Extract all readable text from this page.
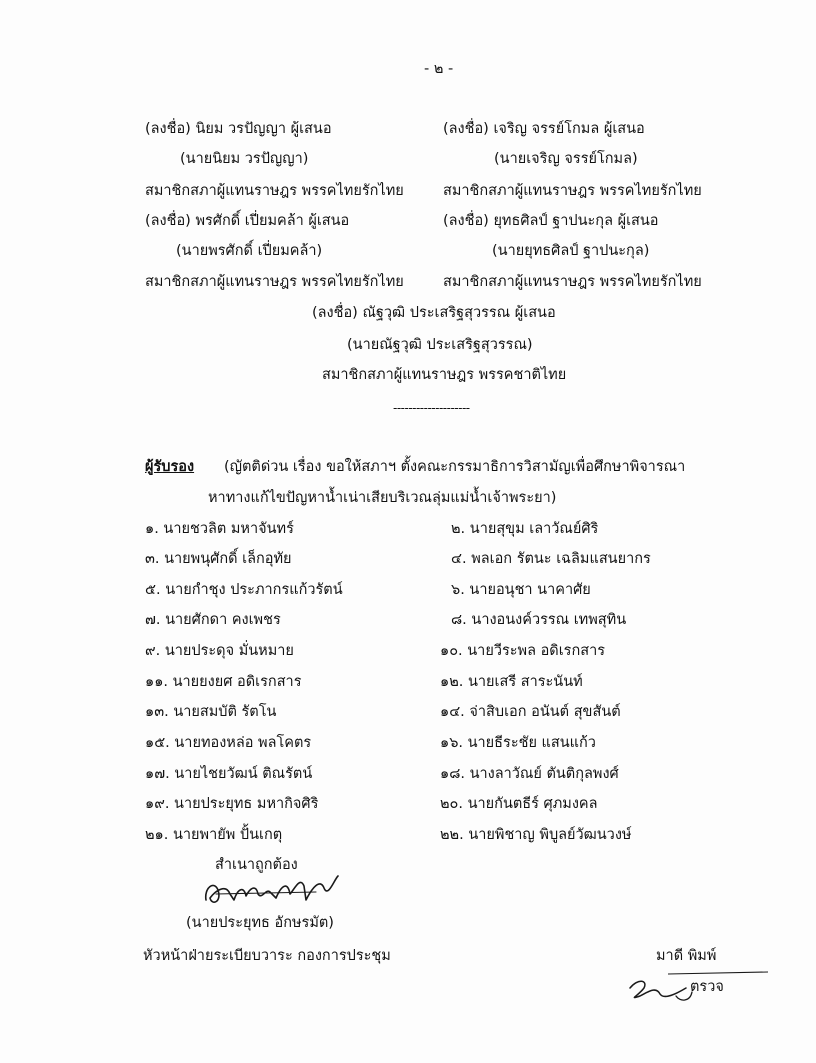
- ๒ -
(ลงชื่อ) นิยม วรปัญญา ผู้เสนอ
(นายนิยม วรปัญญา)
สมาชิกสภาผู้แทนราษฎร พรรคไทยรักไทย
(ลงชื่อ) พรศักดิ์ เปี่ยมคล้า ผู้เสนอ
(นายพรศักดิ์ เปี่ยมคล้า)
สมาชิกสภาผู้แทนราษฎร พรรคไทยรักไทย
(ลงชื่อ) เจริญ จรรย์โกมล ผู้เสนอ
(นายเจริญ จรรย์โกมล)
สมาชิกสภาผู้แทนราษฎร พรรคไทยรักไทย
(ลงชื่อ) ยุทธศิลป์ ฐาปนะกุล ผู้เสนอ
(นายยุทธศิลป์ ฐาปนะกุล)
สมาชิกสภาผู้แทนราษฎร พรรคไทยรักไทย
(ลงชื่อ) ณัฐวุฒิ ประเสริฐสุวรรณ ผู้เสนอ
(นายณัฐวุฒิ ประเสริฐสุวรรณ)
สมาชิกสภาผู้แทนราษฎร พรรคชาติไทย
--------------------
ผู้รับรอง (ญัตติด่วน เรื่อง ขอให้สภาฯ ตั้งคณะกรรมาธิการวิสามัญเพื่อศึกษาพิจารณา
หาทางแก้ไขปัญหาน้ำเน่าเสียบริเวณลุ่มแม่น้ำเจ้าพระยา)
๑. นายชวลิต มหาจันทร์
๓. นายพนุศักดิ์ เล็กอุทัย
๕. นายกำชุง ประภากรแก้วรัตน์
๗. นายศักดา คงเพชร
๙. นายประดุจ มั่นหมาย
๑๑. นายยงยศ อดิเรกสาร
๑๓. นายสมบัติ รัตโน
๑๕. นายทองหล่อ พลโคตร
๑๗. นายไชยวัฒน์ ติณรัตน์
๑๙. นายประยุทธ มหากิจศิริ
๒๑. นายพายัพ ปั้นเกตุ
๒. นายสุขุม เลาวัณย์ศิริ
๔. พลเอก รัตนะ เฉลิมแสนยากร
๖. นายอนุชา นาคาศัย
๘. นางอนงค์วรรณ เทพสุทิน
๑๐. นายวีระพล อดิเรกสาร
๑๒. นายเสรี สาระนันท์
๑๔. จ่าสิบเอก อนันต์ สุขสันต์
๑๖. นายธีระชัย แสนแก้ว
๑๘. นางลาวัณย์ ตันติกุลพงศ์
๒๐. นายกันตธีร์ ศุภมงคล
๒๒. นายพิชาญ พิบูลย์วัฒนวงษ์
สำเนาถูกต้อง
(นายประยุทธ อักษรมัต)
หัวหน้าฝ่ายระเบียบวาระ กองการประชุม	มาดี พิมพ์
ตรวจ
